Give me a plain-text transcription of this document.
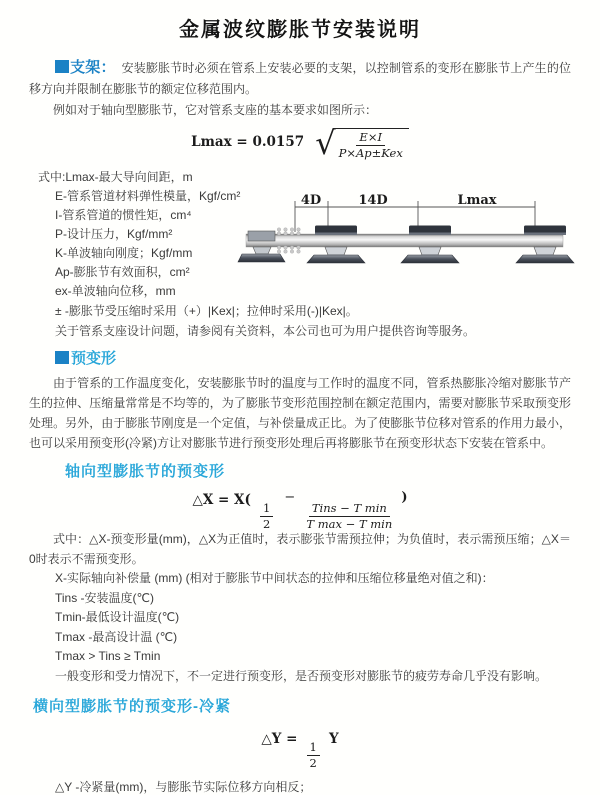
金属波纹膨胀节安装说明

支架： 安装膨胀节时必须在管系上安装必要的支架，以控制管系的变形在膨胀节上产生的位移方向并限制在膨胀节的额定位移范围内。

例如对于轴向型膨胀节，它对管系支座的基本要求如图所示：

$^{Lmax = 0.0157}$ √ $\frac{E\times I}{\text{P×Ap±Kex}}$
式中:Lmax-最大导向间距，m
E-管系管道材料弹性模量，Kgf/cm²
I-管系管道的惯性矩，cm⁴
P-设计压力，Kgf/mm²
K-单波轴向刚度；Kgf/mm
Ap-膨胀节有效面积，cm²
ex-单波轴向位移，mm
4D	14D	Lmax
± -膨胀节受压缩时采用（+）|Kex|；拉伸时采用(-)|Kex|。
关于管系支座设计问题，请参阅有关资料，本公司也可为用户提供咨询等服务。
预变形

由于管系的工作温度变化，安装膨胀节时的温度与工作时的温度不同，管系热膨胀冷缩对膨胀节产生的拉伸、压缩量常常是不均等的，为了膨胀节变形范围控制在额定范围内，需要对膨胀节采取预变形处理。另外，由于膨胀节刚度是一个定值，与补偿量成正比。为了使膨胀节位移对管系的作用力最小，也可以采用预变形(冷紧)方让对膨胀节进行预变形处理后再将膨胀节在预变形状态下安装在管系中。

轴向型膨胀节的预变形
△X = X(
$\frac{1}{2}$
−
$\frac{\text{Tins − T min}}{\text{T max − T min}}$
)

式中：△X-预变形量(mm)，△X为正值时，表示膨张节需预拉伸；为负值时，表示需预压缩；△X＝0时表示不需预变形。

X-实际轴向补偿量 (mm) (相对于膨胀节中间状态的拉伸和压缩位移量绝对值之和)：
Tins -安装温度(℃)
Tmin-最低设计温度(℃)
Tmax -最高设计温 (℃)
Tmax > Tins ≥ Tmin
一般变形和受力情况下，不一定进行预变形，是否预变形对膨胀节的疲劳寿命几乎没有影响。
横向型膨胀节的预变形-冷紧
△Y =
$\frac{1}{2}$
Y
△Y -冷紧量(mm)，与膨胀节实际位移方向相反；
